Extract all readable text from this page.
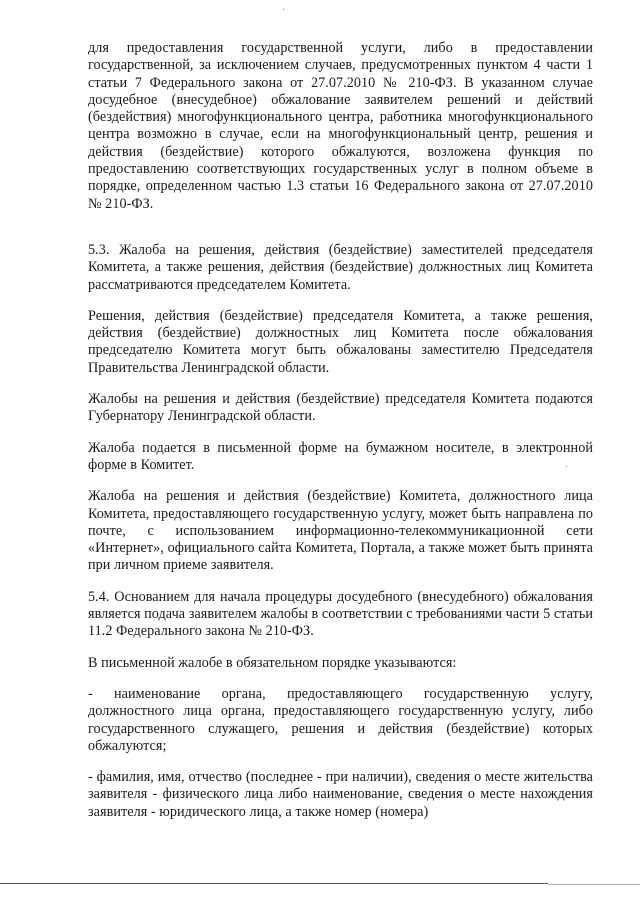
для предоставления государственной услуги, либо в предоставлении государственной, за исключением случаев, предусмотренных пунктом 4 части 1 статьи 7 Федерального закона от 27.07.2010 № 210-ФЗ. В указанном случае досудебное (внесудебное) обжалование заявителем решений и действий (бездействия) многофункционального центра, работника многофункционального центра возможно в случае, если на многофункциональный центр, решения и действия (бездействие) которого обжалуются, возложена функция по предоставлению соответствующих государственных услуг в полном объеме в порядке, определенном частью 1.3 статьи 16 Федерального закона от 27.07.2010 № 210-ФЗ.

5.3. Жалоба на решения, действия (бездействие) заместителей председателя Комитета, а также решения, действия (бездействие) должностных лиц Комитета рассматриваются председателем Комитета.

Решения, действия (бездействие) председателя Комитета, а также решения, действия (бездействие) должностных лиц Комитета после обжалования председателю Комитета могут быть обжалованы заместителю Председателя Правительства Ленинградской области.

Жалобы на решения и действия (бездействие) председателя Комитета подаются Губернатору Ленинградской области.

Жалоба подается в письменной форме на бумажном носителе, в электронной форме в Комитет.

Жалоба на решения и действия (бездействие) Комитета, должностного лица Комитета, предоставляющего государственную услугу, может быть направлена по почте, с использованием информационно-телекоммуникационной сети «Интернет», официального сайта Комитета, Портала, а также может быть принята при личном приеме заявителя.

5.4. Основанием для начала процедуры досудебного (внесудебного) обжалования является подача заявителем жалобы в соответствии с требованиями части 5 статьи 11.2 Федерального закона № 210-ФЗ.

В письменной жалобе в обязательном порядке указываются:

- наименование органа, предоставляющего государственную услугу, должностного лица органа, предоставляющего государственную услугу, либо государственного служащего, решения и действия (бездействие) которых обжалуются;

- фамилия, имя, отчество (последнее - при наличии), сведения о месте жительства заявителя - физического лица либо наименование, сведения о месте нахождения заявителя - юридического лица, а также номер (номера)
